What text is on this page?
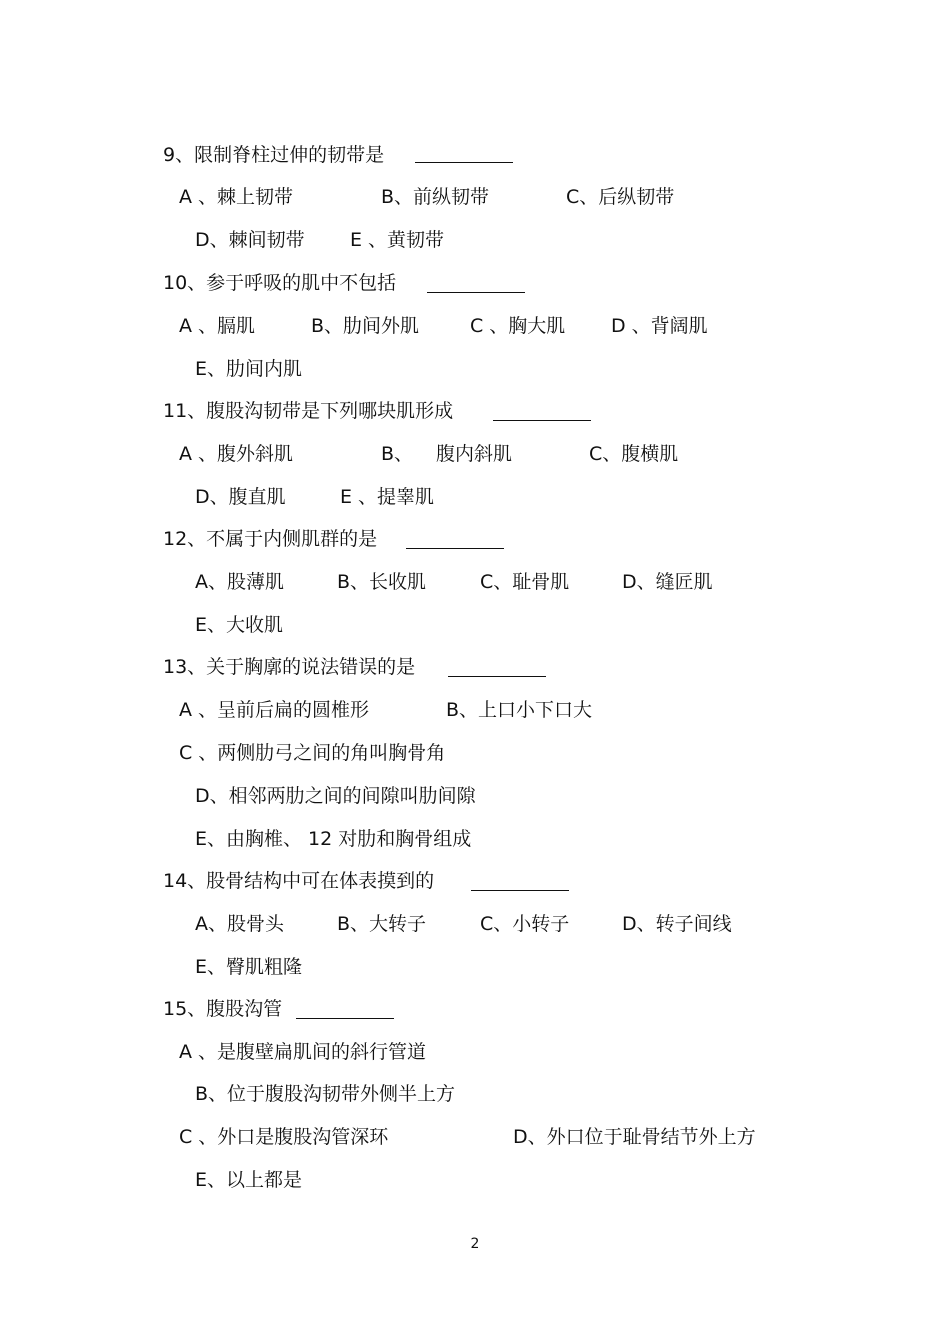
9、限制脊柱过伸的韧带是
A 、棘上韧带	B、前纵韧带	C、后纵韧带
D、棘间韧带 E 、黄韧带
10、参于呼吸的肌中不包括
A 、膈肌	B、肋间外肌	C 、胸大肌 D 、背阔肌
E、肋间内肌
11、腹股沟韧带是下列哪块肌形成
A 、腹外斜肌	B、 腹内斜肌	C、腹横肌
D、腹直肌	E 、提睾肌
12、不属于内侧肌群的是
A、股薄肌	B、长收肌	C、耻骨肌	D、缝匠肌
E、大收肌
13、关于胸廓的说法错误的是
A 、呈前后扁的圆椎形	B、上口小下口大
C 、两侧肋弓之间的角叫胸骨角
D、相邻两肋之间的间隙叫肋间隙
E、由胸椎、 12 对肋和胸骨组成
14、股骨结构中可在体表摸到的
A、股骨头	B、大转子	C、小转子	D、转子间线
E、臀肌粗隆
15、腹股沟管
A 、是腹壁扁肌间的斜行管道
B、位于腹股沟韧带外侧半上方
C 、外口是腹股沟管深环	D、外口位于耻骨结节外上方
E、以上都是
2
